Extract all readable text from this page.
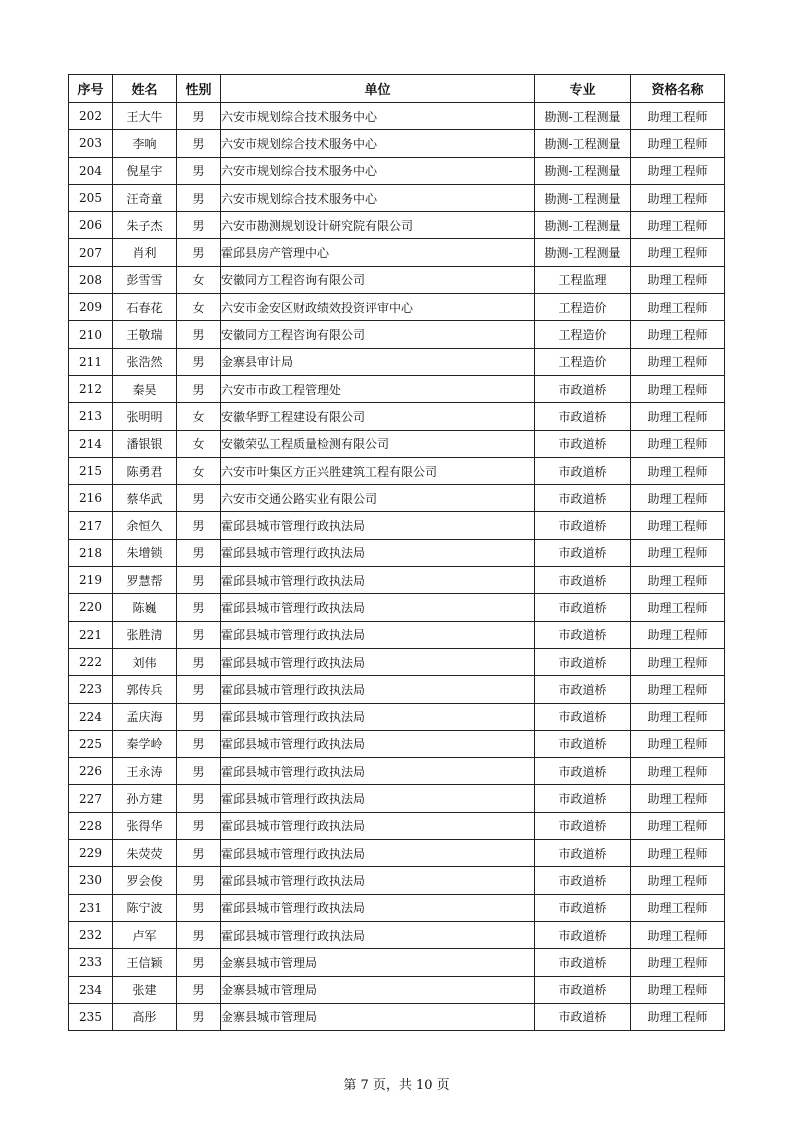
序号	姓名	性别	单位	专业	资格名称
202	王大牛	男	六安市规划综合技术服务中心	勘测-工程测量	助理工程师
203	李响	男	六安市规划综合技术服务中心	勘测-工程测量	助理工程师
204	倪星宇	男	六安市规划综合技术服务中心	勘测-工程测量	助理工程师
205	汪奇童	男	六安市规划综合技术服务中心	勘测-工程测量	助理工程师
206	朱子杰	男	六安市勘测规划设计研究院有限公司	勘测-工程测量	助理工程师
207	肖利	男	霍邱县房产管理中心	勘测-工程测量	助理工程师
208	彭雪雪	女	安徽同方工程咨询有限公司	工程监理	助理工程师
209	石春花	女	六安市金安区财政绩效投资评审中心	工程造价	助理工程师
210	王敬瑞	男	安徽同方工程咨询有限公司	工程造价	助理工程师
211	张浩然	男	金寨县审计局	工程造价	助理工程师
212	秦昊	男	六安市市政工程管理处	市政道桥	助理工程师
213	张明明	女	安徽华野工程建设有限公司	市政道桥	助理工程师
214	潘银银	女	安徽荣弘工程质量检测有限公司	市政道桥	助理工程师
215	陈勇君	女	六安市叶集区方正兴胜建筑工程有限公司	市政道桥	助理工程师
216	蔡华武	男	六安市交通公路实业有限公司	市政道桥	助理工程师
217	余恒久	男	霍邱县城市管理行政执法局	市政道桥	助理工程师
218	朱增锁	男	霍邱县城市管理行政执法局	市政道桥	助理工程师
219	罗慧帮	男	霍邱县城市管理行政执法局	市政道桥	助理工程师
220	陈巍	男	霍邱县城市管理行政执法局	市政道桥	助理工程师
221	张胜清	男	霍邱县城市管理行政执法局	市政道桥	助理工程师
222	刘伟	男	霍邱县城市管理行政执法局	市政道桥	助理工程师
223	郭传兵	男	霍邱县城市管理行政执法局	市政道桥	助理工程师
224	孟庆海	男	霍邱县城市管理行政执法局	市政道桥	助理工程师
225	秦学岭	男	霍邱县城市管理行政执法局	市政道桥	助理工程师
226	王永涛	男	霍邱县城市管理行政执法局	市政道桥	助理工程师
227	孙方建	男	霍邱县城市管理行政执法局	市政道桥	助理工程师
228	张得华	男	霍邱县城市管理行政执法局	市政道桥	助理工程师
229	朱荧荧	男	霍邱县城市管理行政执法局	市政道桥	助理工程师
230	罗会俊	男	霍邱县城市管理行政执法局	市政道桥	助理工程师
231	陈宁波	男	霍邱县城市管理行政执法局	市政道桥	助理工程师
232	卢军	男	霍邱县城市管理行政执法局	市政道桥	助理工程师
233	王信颖	男	金寨县城市管理局	市政道桥	助理工程师
234	张建	男	金寨县城市管理局	市政道桥	助理工程师
235	高彤	男	金寨县城市管理局	市政道桥	助理工程师
第 7 页，共 10 页
